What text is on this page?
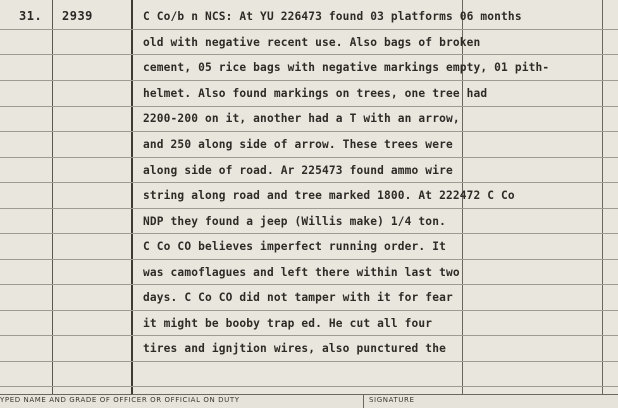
31. 2939	C Co/b n NCS: At YU 226473 found 03 platforms 06 months
old with negative recent use. Also bags of broken
cement, 05 rice bags with negative markings empty, 01 pith-
helmet. Also found markings on trees, one tree had
2200-200 on it, another had a T with an arrow,
and 250 along side of arrow. These trees were
along side of road. Ar 225473 found ammo wire
string along road and tree marked 1800. At 222472 C Co
NDP they found a jeep (Willis make) 1/4 ton.
C Co CO believes imperfect running order. It
was camoflagues and left there within last two
days. C Co CO did not tamper with it for fear
it might be booby trap ed. He cut all four
tires and ignjtion wires, also punctured the
YPED NAME AND GRADE OF OFFICER OR OFFICIAL ON DUTY	SIGNATURE
